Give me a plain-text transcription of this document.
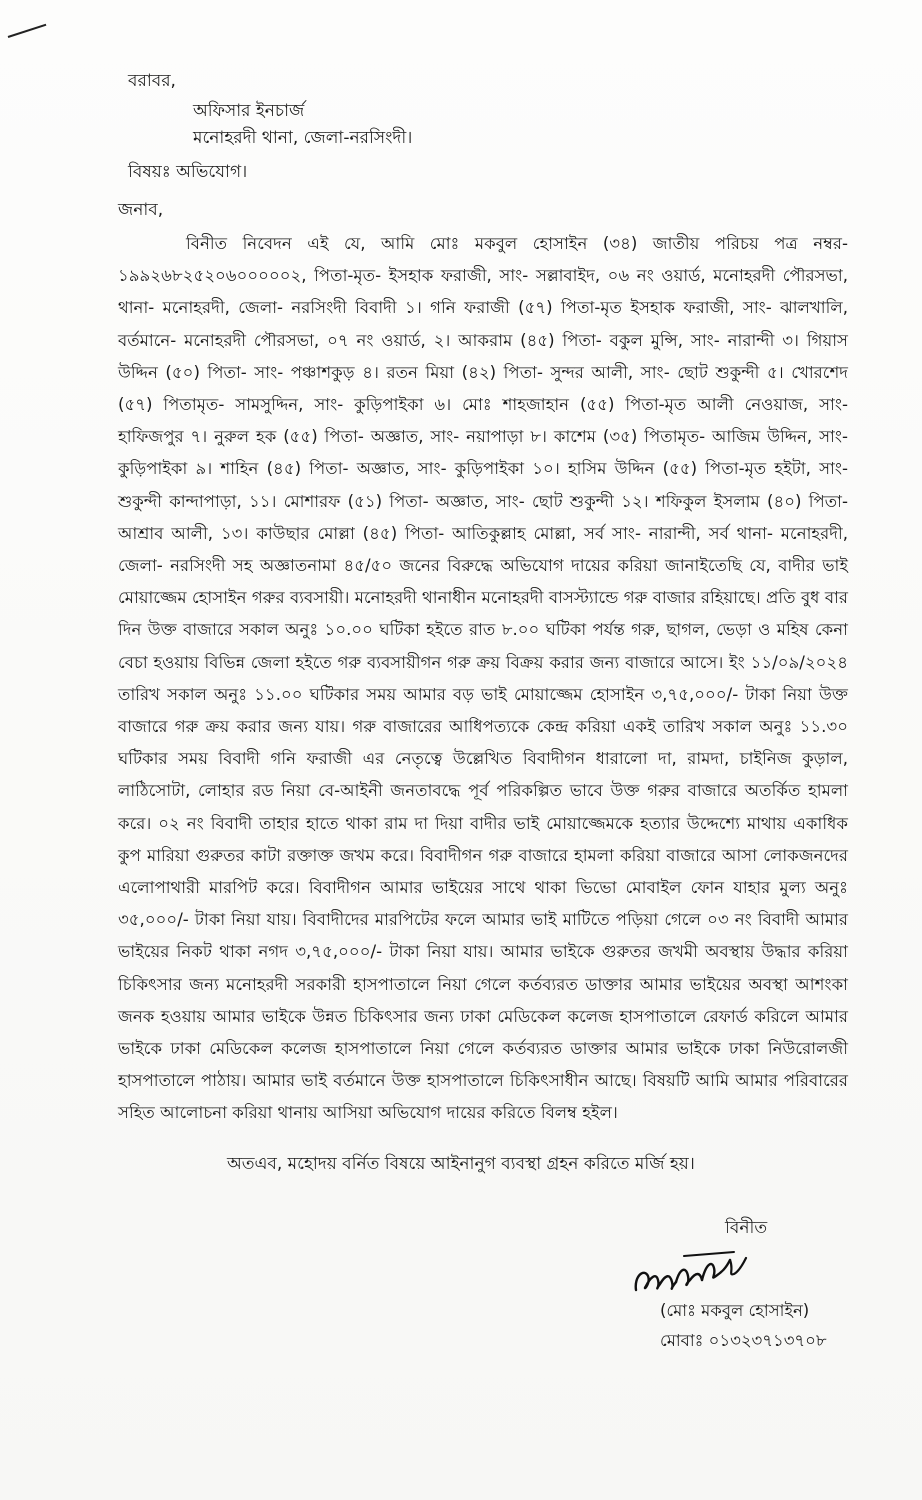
বরাবর,
অফিসার ইনচার্জ
মনোহরদী থানা, জেলা-নরসিংদী।
বিষয়ঃ অভিযোগ।
জনাব,
বিনীত নিবেদন এই যে, আমি মোঃ মকবুল হোসাইন (৩৪) জাতীয় পরিচয় পত্র নম্বর- ১৯৯২৬৮২৫২০৬০০০০০২, পিতা-মৃত- ইসহাক ফরাজী, সাং- সল্লাবাইদ, ০৬ নং ওয়ার্ড, মনোহরদী পৌরসভা, থানা- মনোহরদী, জেলা- নরসিংদী বিবাদী ১। গনি ফরাজী (৫৭) পিতা-মৃত ইসহাক ফরাজী, সাং- ঝালখালি, বর্তমানে- মনোহরদী পৌরসভা, ০৭ নং ওয়ার্ড, ২। আকরাম (৪৫) পিতা- বকুল মুন্সি, সাং- নারান্দী ৩। গিয়াস উদ্দিন (৫০) পিতা- সাং- পঞ্চাশকুড় ৪। রতন মিয়া (৪২) পিতা- সুন্দর আলী, সাং- ছোট শুকুন্দী ৫। খোরশেদ (৫৭) পিতামৃত- সামসুদ্দিন, সাং- কুড়িপাইকা ৬। মোঃ শাহজাহান (৫৫) পিতা-মৃত আলী নেওয়াজ, সাং- হাফিজপুর ৭। নুরুল হক (৫৫) পিতা- অজ্ঞাত, সাং- নয়াপাড়া ৮। কাশেম (৩৫) পিতামৃত- আজিম উদ্দিন, সাং- কুড়িপাইকা ৯। শাহিন (৪৫) পিতা- অজ্ঞাত, সাং- কুড়িপাইকা ১০। হাসিম উদ্দিন (৫৫) পিতা-মৃত হইটা, সাং- শুকুন্দী কান্দাপাড়া, ১১। মোশারফ (৫১) পিতা- অজ্ঞাত, সাং- ছোট শুকুন্দী ১২। শফিকুল ইসলাম (৪০) পিতা- আশ্রাব আলী, ১৩। কাউছার মোল্লা (৪৫) পিতা- আতিকুল্লাহ মোল্লা, সর্ব সাং- নারান্দী, সর্ব থানা- মনোহরদী, জেলা- নরসিংদী সহ অজ্ঞাতনামা ৪৫/৫০ জনের বিরুদ্ধে অভিযোগ দায়ের করিয়া জানাইতেছি যে, বাদীর ভাই মোয়াজ্জেম হোসাইন গরুর ব্যবসায়ী। মনোহরদী থানাধীন মনোহরদী বাসস্ট্যান্ডে গরু বাজার রহিয়াছে। প্রতি বুধ বার দিন উক্ত বাজারে সকাল অনুঃ ১০.০০ ঘটিকা হইতে রাত ৮.০০ ঘটিকা পর্যন্ত গরু, ছাগল, ভেড়া ও মহিষ কেনা বেচা হওয়ায় বিভিন্ন জেলা হইতে গরু ব্যবসায়ীগন গরু ক্রয় বিক্রয় করার জন্য বাজারে আসে। ইং ১১/০৯/২০২৪ তারিখ সকাল অনুঃ ১১.০০ ঘটিকার সময় আমার বড় ভাই মোয়াজ্জেম হোসাইন ৩,৭৫,০০০/- টাকা নিয়া উক্ত বাজারে গরু ক্রয় করার জন্য যায়। গরু বাজারের আধিপত্যকে কেন্দ্র করিয়া একই তারিখ সকাল অনুঃ ১১.৩০ ঘটিকার সময় বিবাদী গনি ফরাজী এর নেতৃত্বে উল্লেখিত বিবাদীগন ধারালো দা, রামদা, চাইনিজ কুড়াল, লাঠিসোটা, লোহার রড নিয়া বে-আইনী জনতাবদ্ধে পূর্ব পরিকল্পিত ভাবে উক্ত গরুর বাজারে অতর্কিত হামলা করে। ০২ নং বিবাদী তাহার হাতে থাকা রাম দা দিয়া বাদীর ভাই মোয়াজ্জেমকে হত্যার উদ্দেশ্যে মাথায় একাধিক কুপ মারিয়া গুরুতর কাটা রক্তাক্ত জখম করে। বিবাদীগন গরু বাজারে হামলা করিয়া বাজারে আসা লোকজনদের এলোপাথারী মারপিট করে। বিবাদীগন আমার ভাইয়ের সাথে থাকা ভিভো মোবাইল ফোন যাহার মুল্য অনুঃ ৩৫,০০০/- টাকা নিয়া যায়। বিবাদীদের মারপিটের ফলে আমার ভাই মাটিতে পড়িয়া গেলে ০৩ নং বিবাদী আমার ভাইয়ের নিকট থাকা নগদ ৩,৭৫,০০০/- টাকা নিয়া যায়। আমার ভাইকে গুরুতর জখমী অবস্থায় উদ্ধার করিয়া চিকিৎসার জন্য মনোহরদী সরকারী হাসপাতালে নিয়া গেলে কর্তব্যরত ডাক্তার আমার ভাইয়ের অবস্থা আশংকা জনক হওয়ায় আমার ভাইকে উন্নত চিকিৎসার জন্য ঢাকা মেডিকেল কলেজ হাসপাতালে রেফার্ড করিলে আমার ভাইকে ঢাকা মেডিকেল কলেজ হাসপাতালে নিয়া গেলে কর্তব্যরত ডাক্তার আমার ভাইকে ঢাকা নিউরোলজী হাসপাতালে পাঠায়। আমার ভাই বর্তমানে উক্ত হাসপাতালে চিকিৎসাধীন আছে। বিষয়টি আমি আমার পরিবারের সহিত আলোচনা করিয়া থানায় আসিয়া অভিযোগ দায়ের করিতে বিলম্ব হইল।
অতএব, মহোদয় বর্নিত বিষয়ে আইনানুগ ব্যবস্থা গ্রহন করিতে মর্জি হয়।
বিনীত
(মোঃ মকবুল হোসাইন)
মোবাঃ ০১৩২৩৭১৩৭০৮
